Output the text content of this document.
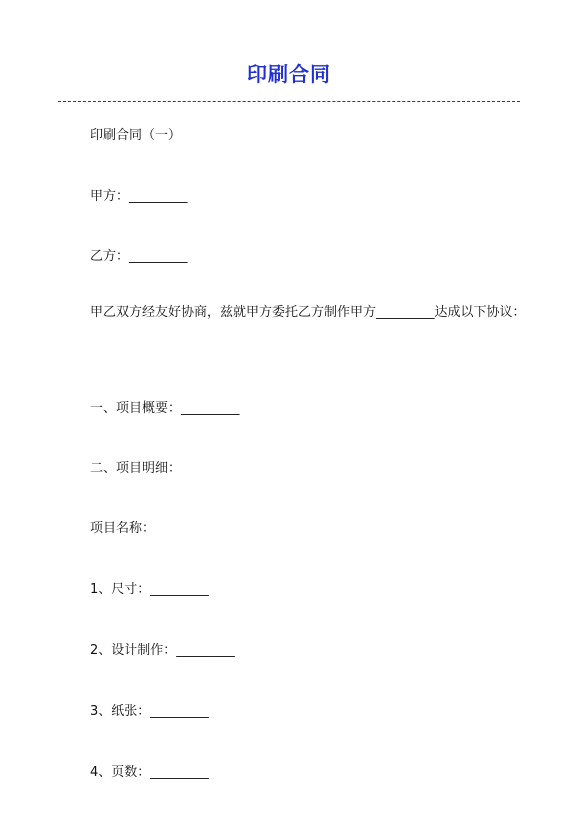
印刷合同
印刷合同（一）
甲方：_________
乙方：_________
甲乙双方经友好协商，兹就甲方委托乙方制作甲方_________达成以下协议：
一、项目概要：_________
二、项目明细：
项目名称：
1、尺寸：_________
2、设计制作：_________
3、纸张：_________
4、页数：_________
